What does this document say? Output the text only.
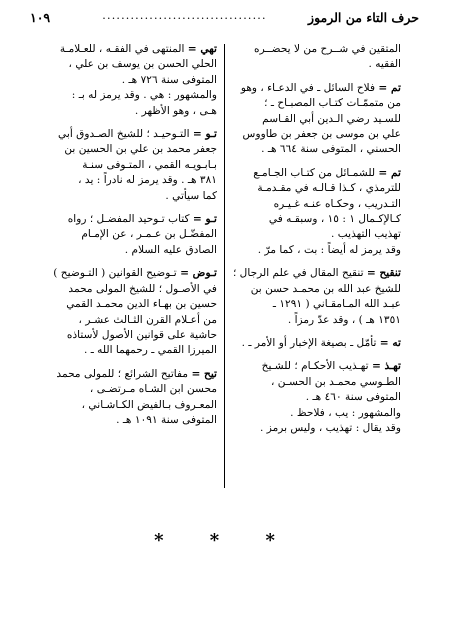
حرف التاء من الرموز
...................................
١٠٩
المتقين في شــرح من لا يحضــره
الفقيه .
تم = فلاح السائل ـ في الدعـاء ، وهو
من متممّـات كتـاب المصبـاح ـ ؛
للسـيد رضي الـدين أبي القـاسم
علي بن موسى بن جعفر بن طاووس
الحسني ، المتوفى سنة ٦٦٤ هـ .
تم = للشمـائل من كتـاب الجـامـع
للترمذي ، كـذا قـالـه في مقـدمـة
التـدريب ، وحكـاه عنـه غـيـره
كـالإكـمال ١ : ١٥ ، وسبقـه في
تهذيب التهذيب .
وقد يرمز له أيضاً : بت ، كما مرّ .
تنقيح = تنقيح المقال في علم الرجال ؛
للشيخ عبد الله بن محمـد حسن بن
عبـد الله المـامقـاني ( ١٢٩١ ـ
١٣٥١ هـ ) ، وقد عدّ رمزاً .
ته = تأمّل ـ بصيغة الإخبار أو الأمر ـ .
تهـذ = تهـذيب الأحكـام ؛ للشـيخ
الطـوسي محمـد بن الحسـن ،
المتوفى سنة ٤٦٠ هـ .
والمشهور : يب ، فلاحظ .
وقد يقال : تهذيب ، وليس برمز .
تهي = المنتهى في الفقـه ، للعـلامـة
الحلي الحسن بن يوسف بن علي ،
المتوفى سنة ٧٢٦ هـ .
والمشهور : هي . وقد يرمز له بـ :
هـى ، وهو الأظهر .
تـو = التـوحيـد ؛ للشيخ الصـدوق أبي
جعفر محمد بن علي بن الحسين بن
بـابـويـه القمي ، المتـوفى سنـة
٣٨١ هـ . وقد يرمز له نادراً : يد ،
كما سيأتي .
تـو = كتاب تـوحيد المفضـل ؛ رواه
المفضّـل بن عـمـر ، عن الإمـام
الصادق عليه السلام .
تـوض = تـوضيح القوانين ( التـوضيح )
في الأصـول ؛ للشيخ المولى محمد
حسين بن بهـاء الدين محمـد القمي
من أعـلام القرن الثـالث عشـر ،
حاشية على قوانين الأصول لأستاذه
الميرزا القمي ـ رحمهما الله ـ .
تيح = مفاتيح الشرائع ؛ للمولى محمد
محسن ابن الشـاه مـرتضـى ،
المعـروف بـالفيض الكـاشـاني ،
المتوفى سنة ١٠٩١ هـ .
* * *
